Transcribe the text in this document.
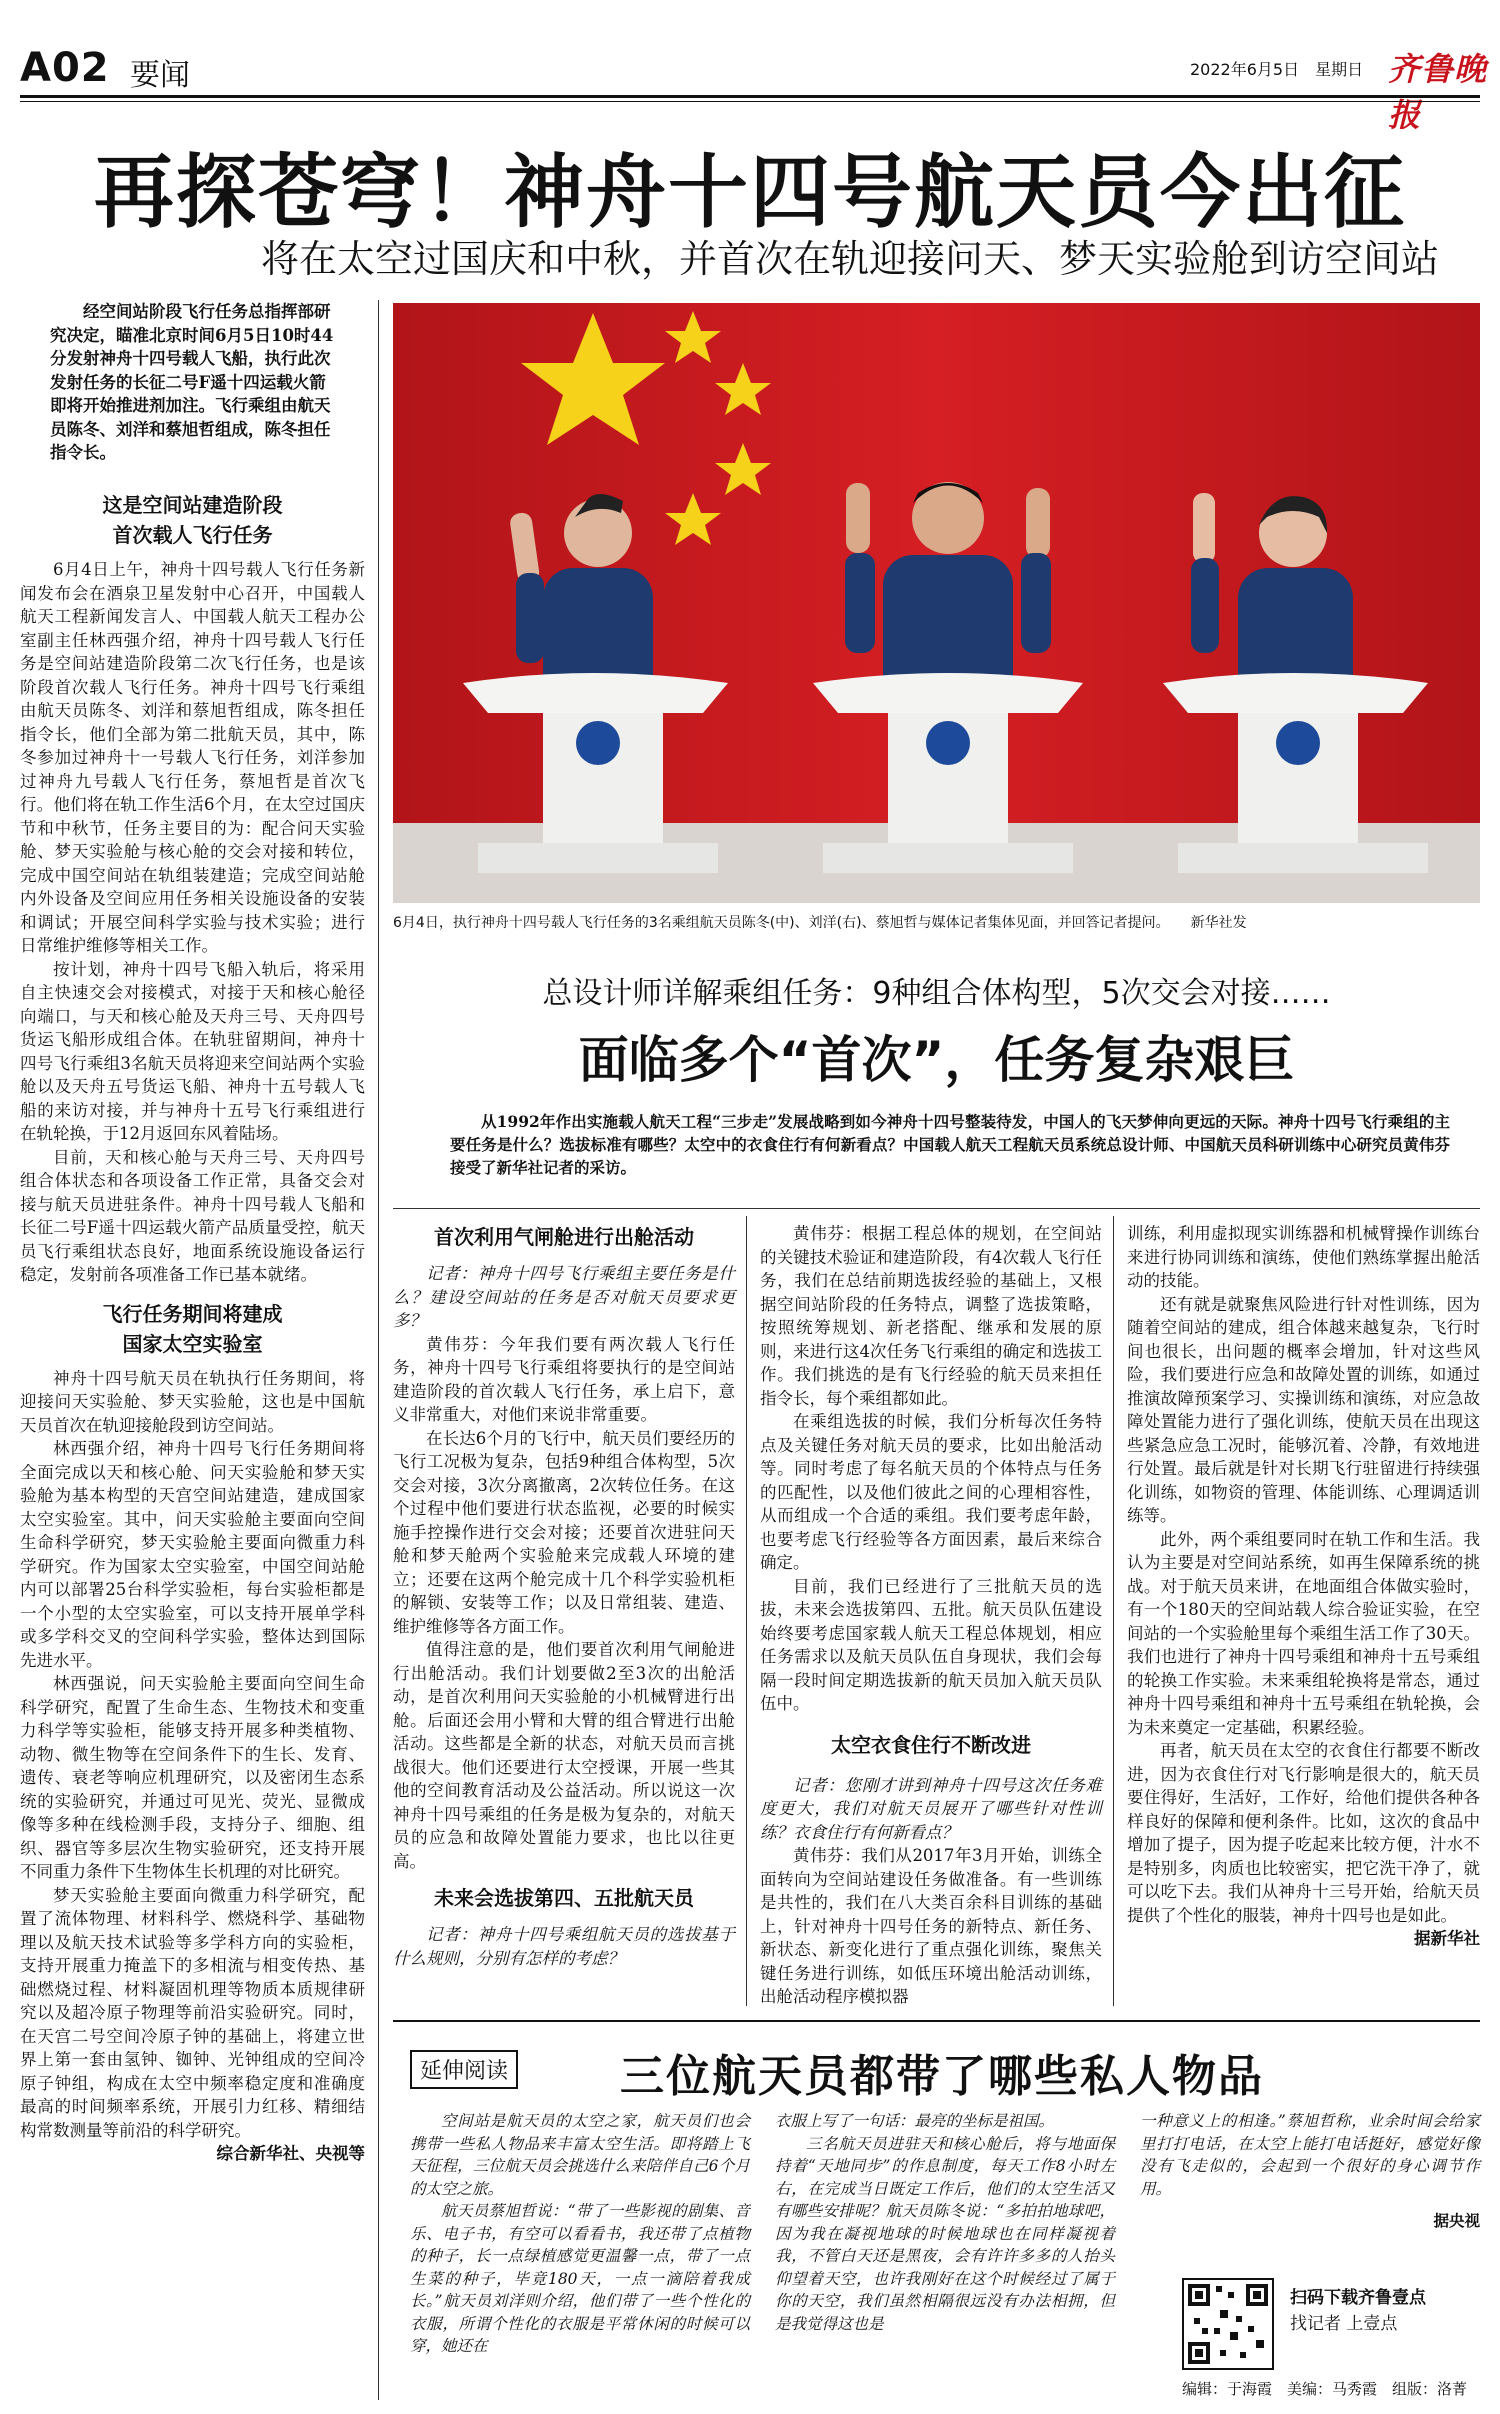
A02 要闻	2022年6月5日　 星期日 齐鲁晚报
再探苍穹！神舟十四号航天员今出征
将在太空过国庆和中秋，并首次在轨迎接问天、梦天实验舱到访空间站

经空间站阶段飞行任务总指挥部研究决定，瞄准北京时间6月5日10时44分发射神舟十四号载人飞船，执行此次发射任务的长征二号F遥十四运载火箭即将开始推进剂加注。飞行乘组由航天员陈冬、刘洋和蔡旭哲组成，陈冬担任指令长。

这是空间站建造阶段
首次载人飞行任务

6月4日上午，神舟十四号载人飞行任务新闻发布会在酒泉卫星发射中心召开，中国载人航天工程新闻发言人、中国载人航天工程办公室副主任林西强介绍，神舟十四号载人飞行任务是空间站建造阶段第二次飞行任务，也是该阶段首次载人飞行任务。神舟十四号飞行乘组由航天员陈冬、刘洋和蔡旭哲组成，陈冬担任指令长，他们全部为第二批航天员，其中，陈冬参加过神舟十一号载人飞行任务，刘洋参加过神舟九号载人飞行任务，蔡旭哲是首次飞行。他们将在轨工作生活6个月，在太空过国庆节和中秋节，任务主要目的为：配合问天实验舱、梦天实验舱与核心舱的交会对接和转位，完成中国空间站在轨组装建造；完成空间站舱内外设备及空间应用任务相关设施设备的安装和调试；开展空间科学实验与技术实验；进行日常维护维修等相关工作。

按计划，神舟十四号飞船入轨后，将采用自主快速交会对接模式，对接于天和核心舱径向端口，与天和核心舱及天舟三号、天舟四号货运飞船形成组合体。在轨驻留期间，神舟十四号飞行乘组3名航天员将迎来空间站两个实验舱以及天舟五号货运飞船、神舟十五号载人飞船的来访对接，并与神舟十五号飞行乘组进行在轨轮换，于12月返回东风着陆场。

目前，天和核心舱与天舟三号、天舟四号组合体状态和各项设备工作正常，具备交会对接与航天员进驻条件。神舟十四号载人飞船和长征二号F遥十四运载火箭产品质量受控，航天员飞行乘组状态良好，地面系统设施设备运行稳定，发射前各项准备工作已基本就绪。

飞行任务期间将建成
国家太空实验室

神舟十四号航天员在轨执行任务期间，将迎接问天实验舱、梦天实验舱，这也是中国航天员首次在轨迎接舱段到访空间站。

林西强介绍，神舟十四号飞行任务期间将全面完成以天和核心舱、问天实验舱和梦天实验舱为基本构型的天宫空间站建造，建成国家太空实验室。其中，问天实验舱主要面向空间生命科学研究，梦天实验舱主要面向微重力科学研究。作为国家太空实验室，中国空间站舱内可以部署25台科学实验柜，每台实验柜都是一个小型的太空实验室，可以支持开展单学科或多学科交叉的空间科学实验，整体达到国际先进水平。

林西强说，问天实验舱主要面向空间生命科学研究，配置了生命生态、生物技术和变重力科学等实验柜，能够支持开展多种类植物、动物、微生物等在空间条件下的生长、发育、遗传、衰老等响应机理研究，以及密闭生态系统的实验研究，并通过可见光、荧光、显微成像等多种在线检测手段，支持分子、细胞、组织、器官等多层次生物实验研究，还支持开展不同重力条件下生物体生长机理的对比研究。

梦天实验舱主要面向微重力科学研究，配置了流体物理、材料科学、燃烧科学、基础物理以及航天技术试验等多学科方向的实验柜，支持开展重力掩盖下的多相流与相变传热、基础燃烧过程、材料凝固机理等物质本质规律研究以及超冷原子物理等前沿实验研究。同时，在天宫二号空间冷原子钟的基础上，将建立世界上第一套由氢钟、铷钟、光钟组成的空间冷原子钟组，构成在太空中频率稳定度和准确度最高的时间频率系统，开展引力红移、精细结构常数测量等前沿的科学研究。

综合新华社、央视等
6月4日，执行神舟十四号载人飞行任务的3名乘组航天员陈冬(中)、刘洋(右)、蔡旭哲与媒体记者集体见面，并回答记者提问。　　 新华社发
总设计师详解乘组任务：9种组合体构型，5次交会对接……
面临多个“首次”，任务复杂艰巨

从1992年作出实施载人航天工程“三步走”发展战略到如今神舟十四号整装待发，中国人的飞天梦伸向更远的天际。神舟十四号飞行乘组的主要任务是什么？选拔标准有哪些？太空中的衣食住行有何新看点？中国载人航天工程航天员系统总设计师、中国航天员科研训练中心研究员黄伟芬接受了新华社记者的采访。

首次利用气闸舱进行出舱活动

记者：神舟十四号飞行乘组主要任务是什么？建设空间站的任务是否对航天员要求更多？

黄伟芬：今年我们要有两次载人飞行任务，神舟十四号飞行乘组将要执行的是空间站建造阶段的首次载人飞行任务，承上启下，意义非常重大，对他们来说非常重要。

在长达6个月的飞行中，航天员们要经历的飞行工况极为复杂，包括9种组合体构型，5次交会对接，3次分离撤离，2次转位任务。在这个过程中他们要进行状态监视，必要的时候实施手控操作进行交会对接；还要首次进驻问天舱和梦天舱两个实验舱来完成载人环境的建立；还要在这两个舱完成十几个科学实验机柜的解锁、安装等工作；以及日常组装、建造、维护维修等各方面工作。

值得注意的是，他们要首次利用气闸舱进行出舱活动。我们计划要做2至3次的出舱活动，是首次利用问天实验舱的小机械臂进行出舱。后面还会用小臂和大臂的组合臂进行出舱活动。这些都是全新的状态，对航天员而言挑战很大。他们还要进行太空授课，开展一些其他的空间教育活动及公益活动。所以说这一次神舟十四号乘组的任务是极为复杂的，对航天员的应急和故障处置能力要求，也比以往更高。

未来会选拔第四、五批航天员

记者：神舟十四号乘组航天员的选拔基于什么规则，分别有怎样的考虑？

黄伟芬：根据工程总体的规划，在空间站的关键技术验证和建造阶段，有4次载人飞行任务，我们在总结前期选拔经验的基础上，又根据空间站阶段的任务特点，调整了选拔策略，按照统筹规划、新老搭配、继承和发展的原则，来进行这4次任务飞行乘组的确定和选拔工作。我们挑选的是有飞行经验的航天员来担任指令长，每个乘组都如此。

在乘组选拔的时候，我们分析每次任务特点及关键任务对航天员的要求，比如出舱活动等。同时考虑了每名航天员的个体特点与任务的匹配性，以及他们彼此之间的心理相容性，从而组成一个合适的乘组。我们要考虑年龄，也要考虑飞行经验等各方面因素，最后来综合确定。

目前，我们已经进行了三批航天员的选拔，未来会选拔第四、五批。航天员队伍建设始终要考虑国家载人航天工程总体规划，相应任务需求以及航天员队伍自身现状，我们会每隔一段时间定期选拔新的航天员加入航天员队伍中。

太空衣食住行不断改进

记者：您刚才讲到神舟十四号这次任务难度更大，我们对航天员展开了哪些针对性训练？衣食住行有何新看点？

黄伟芬：我们从2017年3月开始，训练全面转向为空间站建设任务做准备。有一些训练是共性的，我们在八大类百余科目训练的基础上，针对神舟十四号任务的新特点、新任务、新状态、新变化进行了重点强化训练，聚焦关键任务进行训练，如低压环境出舱活动训练，出舱活动程序模拟器

训练，利用虚拟现实训练器和机械臂操作训练台来进行协同训练和演练，使他们熟练掌握出舱活动的技能。

还有就是就聚焦风险进行针对性训练，因为随着空间站的建成，组合体越来越复杂，飞行时间也很长，出问题的概率会增加，针对这些风险，我们要进行应急和故障处置的训练，如通过推演故障预案学习、实操训练和演练，对应急故障处置能力进行了强化训练，使航天员在出现这些紧急应急工况时，能够沉着、冷静，有效地进行处置。最后就是针对长期飞行驻留进行持续强化训练，如物资的管理、体能训练、心理调适训练等。

此外，两个乘组要同时在轨工作和生活。我认为主要是对空间站系统，如再生保障系统的挑战。对于航天员来讲，在地面组合体做实验时，有一个180天的空间站载人综合验证实验，在空间站的一个实验舱里每个乘组生活工作了30天。我们也进行了神舟十四号乘组和神舟十五号乘组的轮换工作实验。未来乘组轮换将是常态，通过神舟十四号乘组和神舟十五号乘组在轨轮换，会为未来奠定一定基础，积累经验。

再者，航天员在太空的衣食住行都要不断改进，因为衣食住行对飞行影响是很大的，航天员要住得好，生活好，工作好，给他们提供各种各样良好的保障和便利条件。比如，这次的食品中增加了提子，因为提子吃起来比较方便，汁水不是特别多，肉质也比较密实，把它洗干净了，就可以吃下去。我们从神舟十三号开始，给航天员提供了个性化的服装，神舟十四号也是如此。

据新华社
延伸阅读	三位航天员都带了哪些私人物品

空间站是航天员的太空之家，航天员们也会携带一些私人物品来丰富太空生活。即将踏上飞天征程，三位航天员会挑选什么来陪伴自己6个月的太空之旅。

航天员蔡旭哲说：“带了一些影视的剧集、音乐、电子书，有空可以看看书，我还带了点植物的种子，长一点绿植感觉更温馨一点，带了一点生菜的种子，毕竟180天，一点一滴陪着我成长。”航天员刘洋则介绍，他们带了一些个性化的衣服，所谓个性化的衣服是平常休闲的时候可以穿，她还在

衣服上写了一句话：最亮的坐标是祖国。

三名航天员进驻天和核心舱后，将与地面保持着“天地同步”的作息制度，每天工作8小时左右，在完成当日既定工作后，他们的太空生活又有哪些安排呢？航天员陈冬说：“多拍拍地球吧，因为我在凝视地球的时候地球也在同样凝视着我，不管白天还是黑夜，会有许许多多的人抬头仰望着天空，也许我刚好在这个时候经过了属于你的天空，我们虽然相隔很远没有办法相拥，但是我觉得这也是

一种意义上的相逢。”蔡旭哲称，业余时间会给家里打打电话，在太空上能打电话挺好，感觉好像没有飞走似的，会起到一个很好的身心调节作用。

据央视
扫码下载齐鲁壹点
找记者 上壹点
编辑：于海霞　美编：马秀霞　组版：洛菁
